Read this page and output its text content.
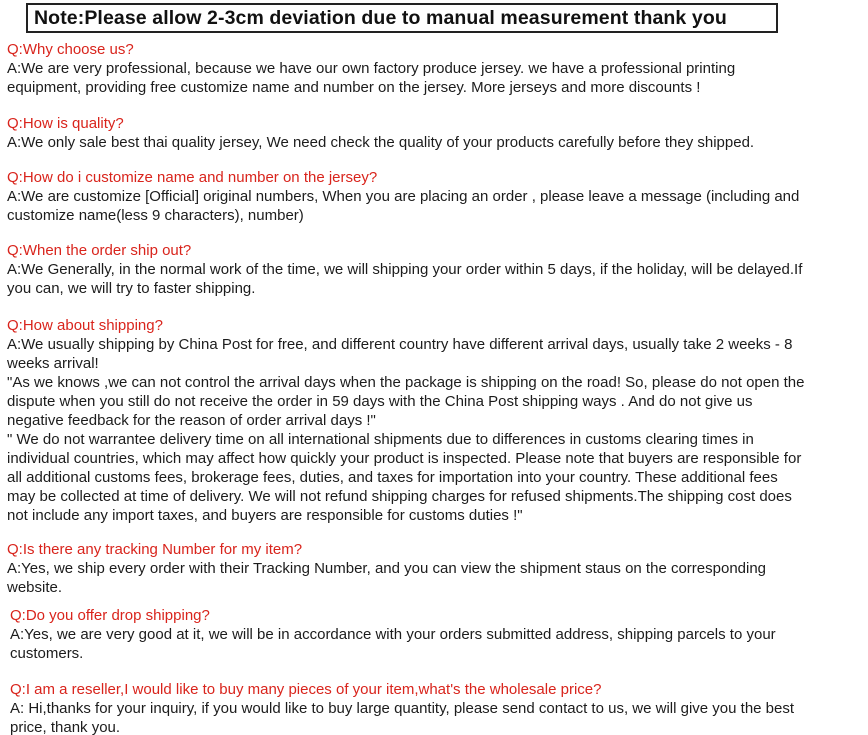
Note:Please allow 2-3cm deviation due to manual measurement thank you
Q:Why choose us?
A:We are very professional, because we have our own factory produce jersey. we have a professional printing
equipment, providing free customize name and number on the jersey. More jerseys and more discounts !
Q:How is quality?
A:We only sale best thai quality jersey, We need check the quality of your products carefully before they shipped.
Q:How do i customize name and number on the jersey?
A:We are customize [Official] original numbers, When you are placing an order , please leave a message (including and
customize name(less 9 characters), number)
Q:When the order ship out?
A:We Generally, in the normal work of the time, we will shipping your order within 5 days, if the holiday, will be delayed.If
you can, we will try to faster shipping.
Q:How about shipping?
A:We usually shipping by China Post for free, and different country have different arrival days, usually take 2 weeks - 8
weeks arrival!
"As we knows ,we can not control the arrival days when the package is shipping on the road! So, please do not open the
dispute when you still do not receive the order in 59 days with the China Post shipping ways . And do not give us
negative feedback for the reason of order arrival days !"
" We do not warrantee delivery time on all international shipments due to differences in customs clearing times in
individual countries, which may affect how quickly your product is inspected. Please note that buyers are responsible for
all additional customs fees, brokerage fees, duties, and taxes for importation into your country. These additional fees
may be collected at time of delivery. We will not refund shipping charges for refused shipments.The shipping cost does
not include any import taxes, and buyers are responsible for customs duties !"
Q:Is there any tracking Number for my item?
A:Yes, we ship every order with their Tracking Number, and you can view the shipment staus on the corresponding
website.
Q:Do you offer drop shipping?
A:Yes, we are very good at it, we will be in accordance with your orders submitted address, shipping parcels to your
customers.
Q:I am a reseller,I would like to buy many pieces of your item,what's the wholesale price?
A: Hi,thanks for your inquiry, if you would like to buy large quantity, please send contact to us, we will give you the best
price, thank you.
